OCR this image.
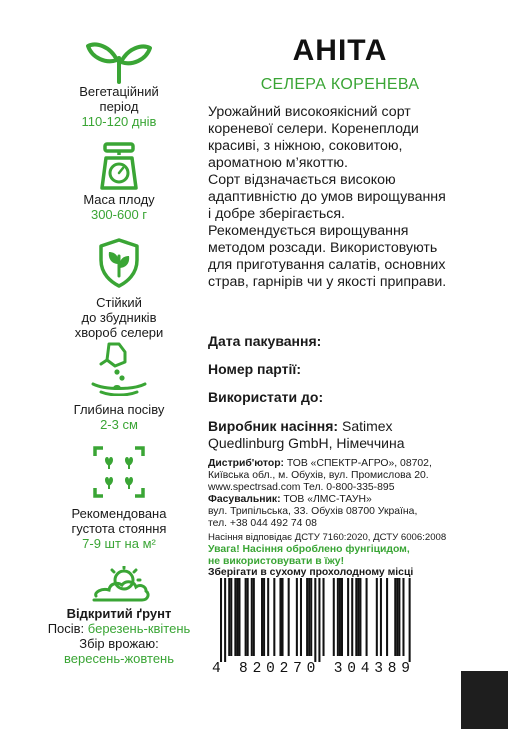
Вегетаційний
період
110-120 днів
Маса плоду
300-600 г
Стійкий
до збудників
хвороб селери
Глибина посіву
2-3 см
Рекомендована
густота стояння
7-9 шт на м²
Відкритий ґрунт
Посів: березень-квітень
Збір врожаю:
вересень-жовтень
АНІТА
СЕЛЕРА КОРЕНЕВА

Урожайний високоякісний сорт

кореневої селери. Коренеплоди

красиві, з ніжною, соковитою,

ароматною м’якоттю.

Сорт відзначається високою

адаптивністю до умов вирощування

і добре зберігається.

Рекомендується вирощування

методом розсади. Використовують

для приготування салатів, основних

страв, гарнірів чи у якості приправи.

Дата пакування:
Номер партії:
Використати до:
Виробник насіння: Satimex
Quedlinburg GmbH, Німеччина
Дистриб'ютор: ТОВ «СПЕКТР-АГРО», 08702,
Київська обл., м. Обухів, вул. Промислова 20.
www.spectrsad.com Тел. 0-800-335-895
Фасувальник: ТОВ «ЛМС-ТАУН»
вул. Трипільська, 33. Обухів 08700 Україна,
тел. +38 044 492 74 08
Насіння відповідає ДСТУ 7160:2020, ДСТУ 6006:2008
Увага! Насіння оброблено фунгіцидом,
не використовувати в їжу!
Зберігати в сухому прохолодному місці
4 820270 304389
